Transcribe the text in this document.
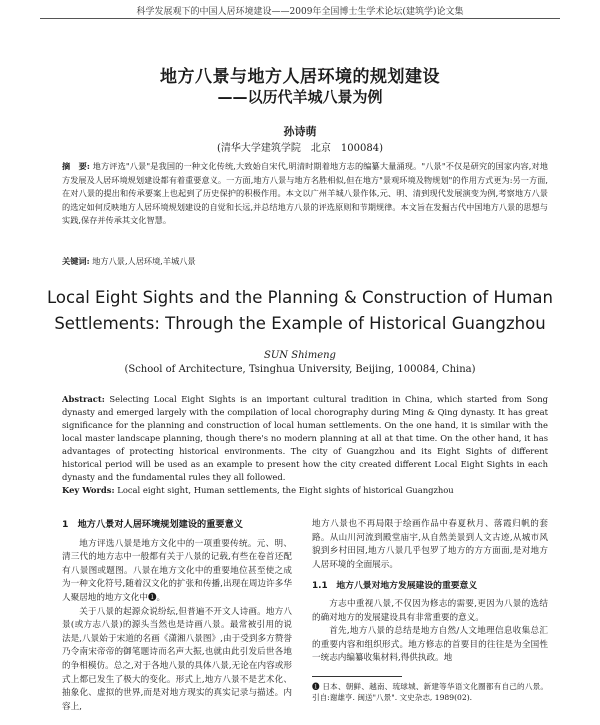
科学发展观下的中国人居环境建设——2009年全国博士生学术论坛(建筑学)论文集
地方八景与地方人居环境的规划建设
——以历代羊城八景为例
孙诗萌
(清华大学建筑学院　北京　100084)
摘　要: 地方评选"八景"是我国的一种文化传统,大致始自宋代,明清时期着地方志的编纂大量涌现。"八景"不仅是研究的国家内容,对地方发展及人居环境规划建设都有着重要意义。一方面,地方八景与地方名胜相似,但在地方"景观环境及物规划"的作用方式更为:另一方面,在对八景的提出和传承要案上也起到了历史保护的积极作用。本文以广州羊城八景作体,元、明、清到现代发展演变为例,考察地方八景的选定如何反映地方人居环境规划建设的自觉和长远,并总结地方八景的评选原则和节期规律。本文旨在发掘古代中国地方八景的思想与实践,保存并传承其文化智慧。
关键词: 地方八景,人居环境,羊城八景
Local Eight Sights and the Planning & Construction of Human Settlements: Through the Example of Historical Guangzhou
SUN Shimeng
(School of Architecture, Tsinghua University, Beijing, 100084, China)
Abstract: Selecting Local Eight Sights is an important cultural tradition in China, which started from Song dynasty and emerged largely with the compilation of local chorography during Ming & Qing dynasty. It has great significance for the planning and construction of local human settlements. On the one hand, it is similar with the local master landscape planning, though there's no modern planning at all at that time. On the other hand, it has advantages of protecting historical environments. The city of Guangzhou and its Eight Sights of different historical period will be used as an example to present how the city created different Local Eight Sights in each dynasty and the fundamental rules they all followed.
Key Words: Local eight sight, Human settlements, the Eight sights of historical Guangzhou

1　地方八景对人居环境规划建设的重要意义

地方评选八景是地方文化中的一项重要传统。元、明、清三代的地方志中一般都有关于八景的记载,有些在卷首还配有八景图或题图。八景在地方文化中的重要地位甚至使之成为一种文化符号,随着汉文化的扩张和传播,出现在周边许多华人聚居地的地方文化中❶。

关于八景的起源众说纷纭,但普遍不开文人诗画。地方八景(或方志八景)的源头当然也是诗画八景。最常被引用的说法是,八景始于宋道的名画《潇湘八景图》,由于受到多方赞誉乃令南宋帝帝的御笔题诗而名声大振,也就由此引发后世各地的争相模仿。总之,对于各地八景的具体八景,无论在内容或形式上都已发生了极大的变化。形式上,地方八景不是艺术化、抽象化、虚拟的世界,而是对地方现实的真实记录与描述。内容上,

地方八景也不再局限于绘画作品中春夏秋月、落霞归帆的套路。从山川河流到殿堂庙宇,从自然美景到人文古迹,从城市风貌到乡村田园,地方八景几乎包罗了地方的方方面面,是对地方人居环境的全面展示。

1.1　地方八景对地方发展建设的重要意义

方志中重视八景,不仅因为修志的需要,更因为八景的选结的确对地方的发展建设具有非常重要的意义。

首先,地方八景的总结是地方自然/人文地理信息收集总汇的重要内容和组织形式。地方修志的首要目的往往是为全国性一统志内编纂收集材料,得供执政。地

❶ 日本、朝鲜、越南、琉球城、新建等华语文化圈都有自己的八景。引自:谢雄亨. 闽送"八景". 文史杂志, 1989(02).
